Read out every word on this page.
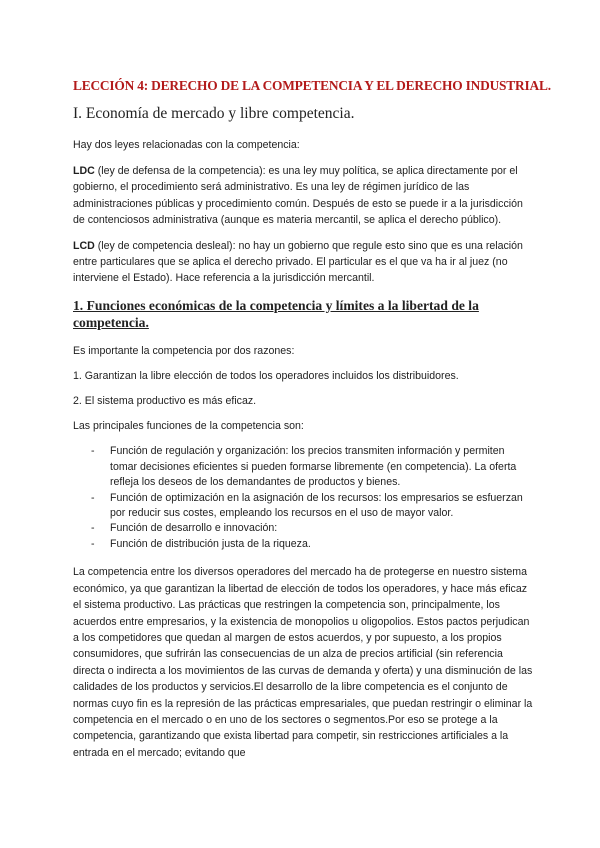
LECCIÓN 4: DERECHO DE LA COMPETENCIA Y EL DERECHO INDUSTRIAL.
I. Economía de mercado y libre competencia.

Hay dos leyes relacionadas con la competencia:

LDC (ley de defensa de la competencia): es una ley muy política, se aplica directamente por el gobierno, el procedimiento será administrativo. Es una ley de régimen jurídico de las administraciones públicas y procedimiento común. Después de esto se puede ir a la jurisdicción de contenciosos administrativa (aunque es materia mercantil, se aplica el derecho público).

LCD (ley de competencia desleal): no hay un gobierno que regule esto sino que es una relación entre particulares que se aplica el derecho privado. El particular es el que va ha ir al juez (no interviene el Estado). Hace referencia a la jurisdicción mercantil.

1. Funciones económicas de la competencia y límites a la libertad de la competencia.

Es importante la competencia por dos razones:

1. Garantizan la libre elección de todos los operadores incluidos los distribuidores.

2. El sistema productivo es más eficaz.

Las principales funciones de la competencia son:

- Función de regulación y organización: los precios transmiten información y permiten tomar decisiones eficientes si pueden formarse libremente (en competencia). La oferta refleja los deseos de los demandantes de productos y bienes.
- Función de optimización en la asignación de los recursos: los empresarios se esfuerzan por reducir sus costes, empleando los recursos en el uso de mayor valor.
- Función de desarrollo e innovación:
- Función de distribución justa de la riqueza.

La competencia entre los diversos operadores del mercado ha de protegerse en nuestro sistema económico, ya que garantizan la libertad de elección de todos los operadores, y hace más eficaz el sistema productivo. Las prácticas que restringen la competencia son, principalmente, los acuerdos entre empresarios, y la existencia de monopolios u oligopolios. Estos pactos perjudican a los competidores que quedan al margen de estos acuerdos, y por supuesto, a los propios consumidores, que sufrirán las consecuencias de un alza de precios artificial (sin referencia directa o indirecta a los movimientos de las curvas de demanda y oferta) y una disminución de las calidades de los productos y servicios.El desarrollo de la libre competencia es el conjunto de normas cuyo fin es la represión de las prácticas empresariales, que puedan restringir o eliminar la competencia en el mercado o en uno de los sectores o segmentos.Por eso se protege a la competencia, garantizando que exista libertad para competir, sin restricciones artificiales a la entrada en el mercado; evitando que
